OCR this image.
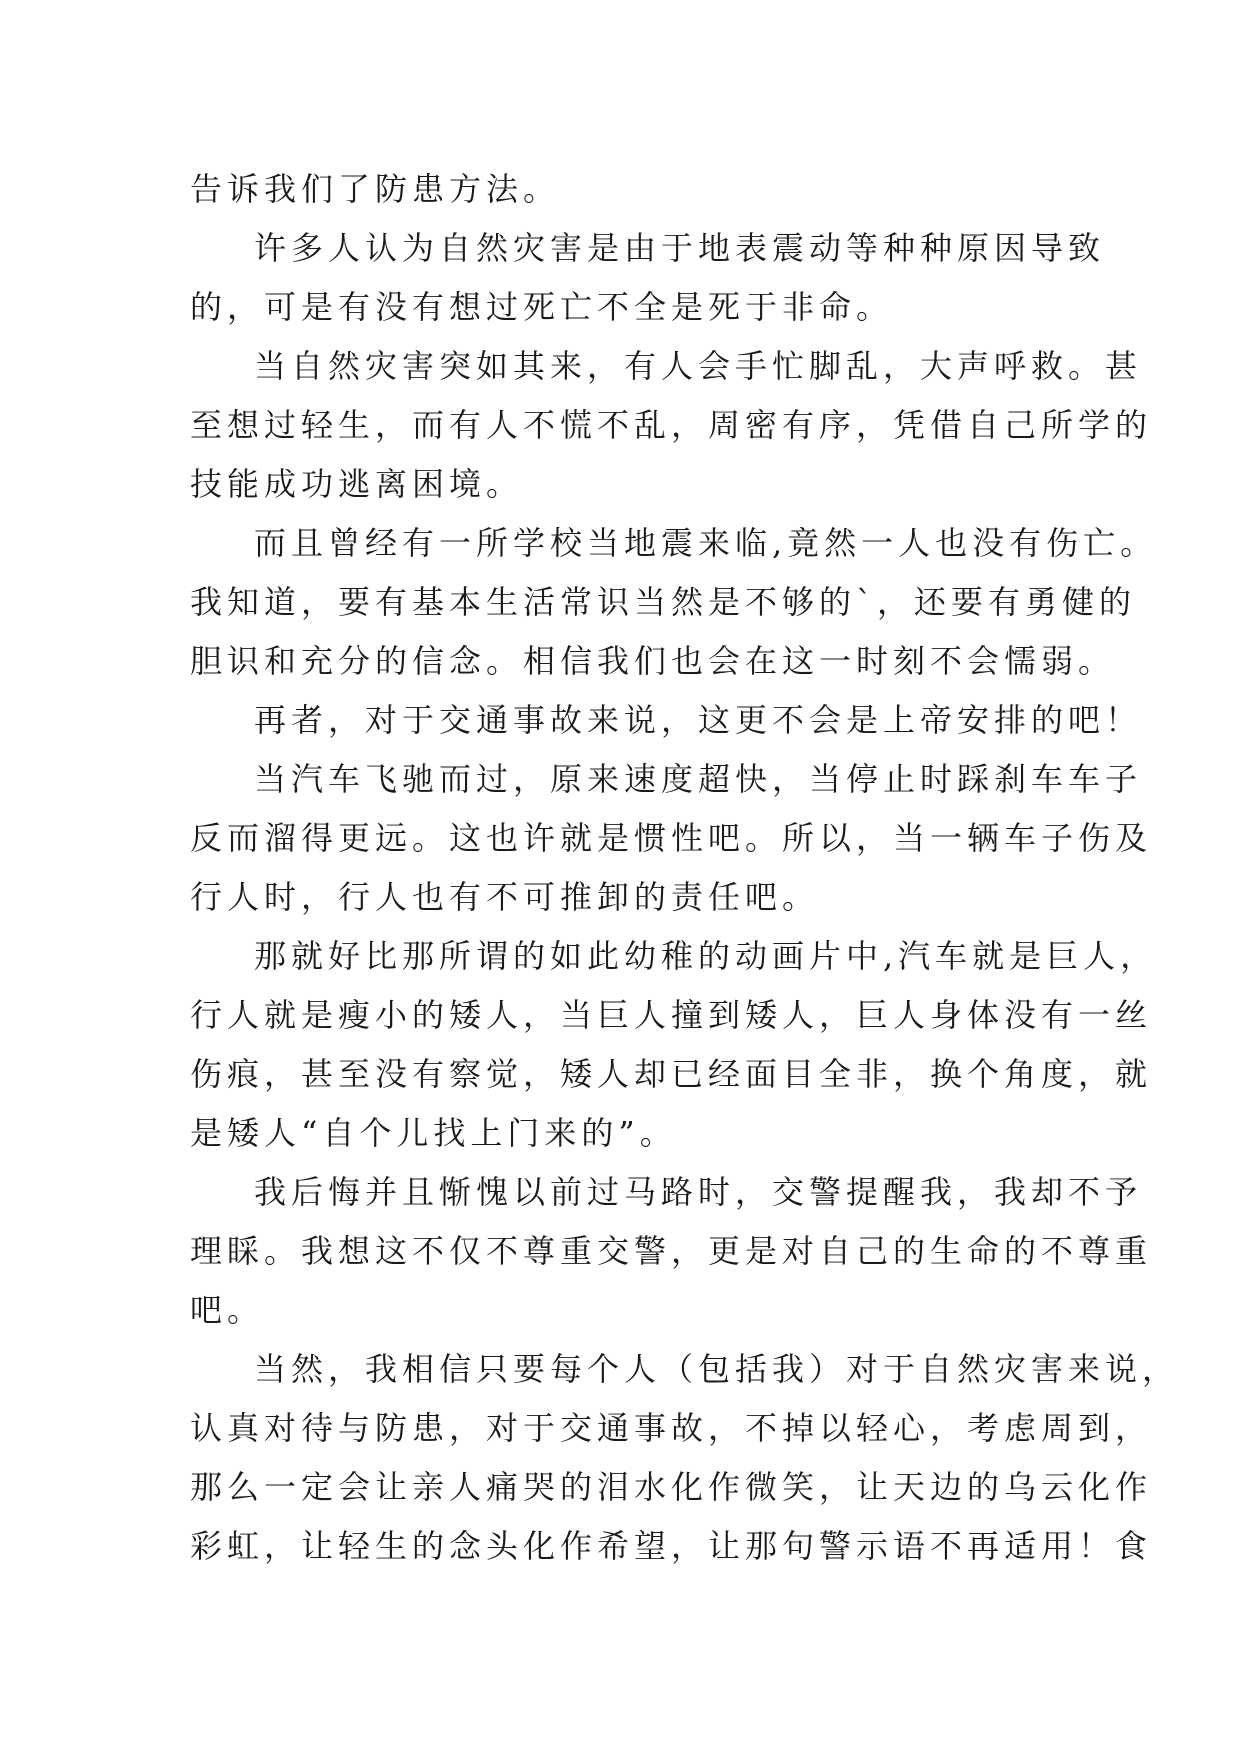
告诉我们了防患方法。
许多人认为自然灾害是由于地表震动等种种原因导致
的，可是有没有想过死亡不全是死于非命。
当自然灾害突如其来，有人会手忙脚乱，大声呼救。甚
至想过轻生，而有人不慌不乱，周密有序，凭借自己所学的
技能成功逃离困境。
而且曾经有一所学校当地震来临,竟然一人也没有伤亡。
我知道，要有基本生活常识当然是不够的`，还要有勇健的
胆识和充分的信念。相信我们也会在这一时刻不会懦弱。
再者，对于交通事故来说，这更不会是上帝安排的吧！
当汽车飞驰而过，原来速度超快，当停止时踩刹车车子
反而溜得更远。这也许就是惯性吧。所以，当一辆车子伤及
行人时，行人也有不可推卸的责任吧。
那就好比那所谓的如此幼稚的动画片中,汽车就是巨人，
行人就是瘦小的矮人，当巨人撞到矮人，巨人身体没有一丝
伤痕，甚至没有察觉，矮人却已经面目全非，换个角度，就
是矮人“自个儿找上门来的”。
我后悔并且惭愧以前过马路时，交警提醒我，我却不予
理睬。我想这不仅不尊重交警，更是对自己的生命的不尊重
吧。
当然，我相信只要每个人（包括我）对于自然灾害来说，
认真对待与防患，对于交通事故，不掉以轻心，考虑周到，
那么一定会让亲人痛哭的泪水化作微笑，让天边的乌云化作
彩虹，让轻生的念头化作希望，让那句警示语不再适用！食
